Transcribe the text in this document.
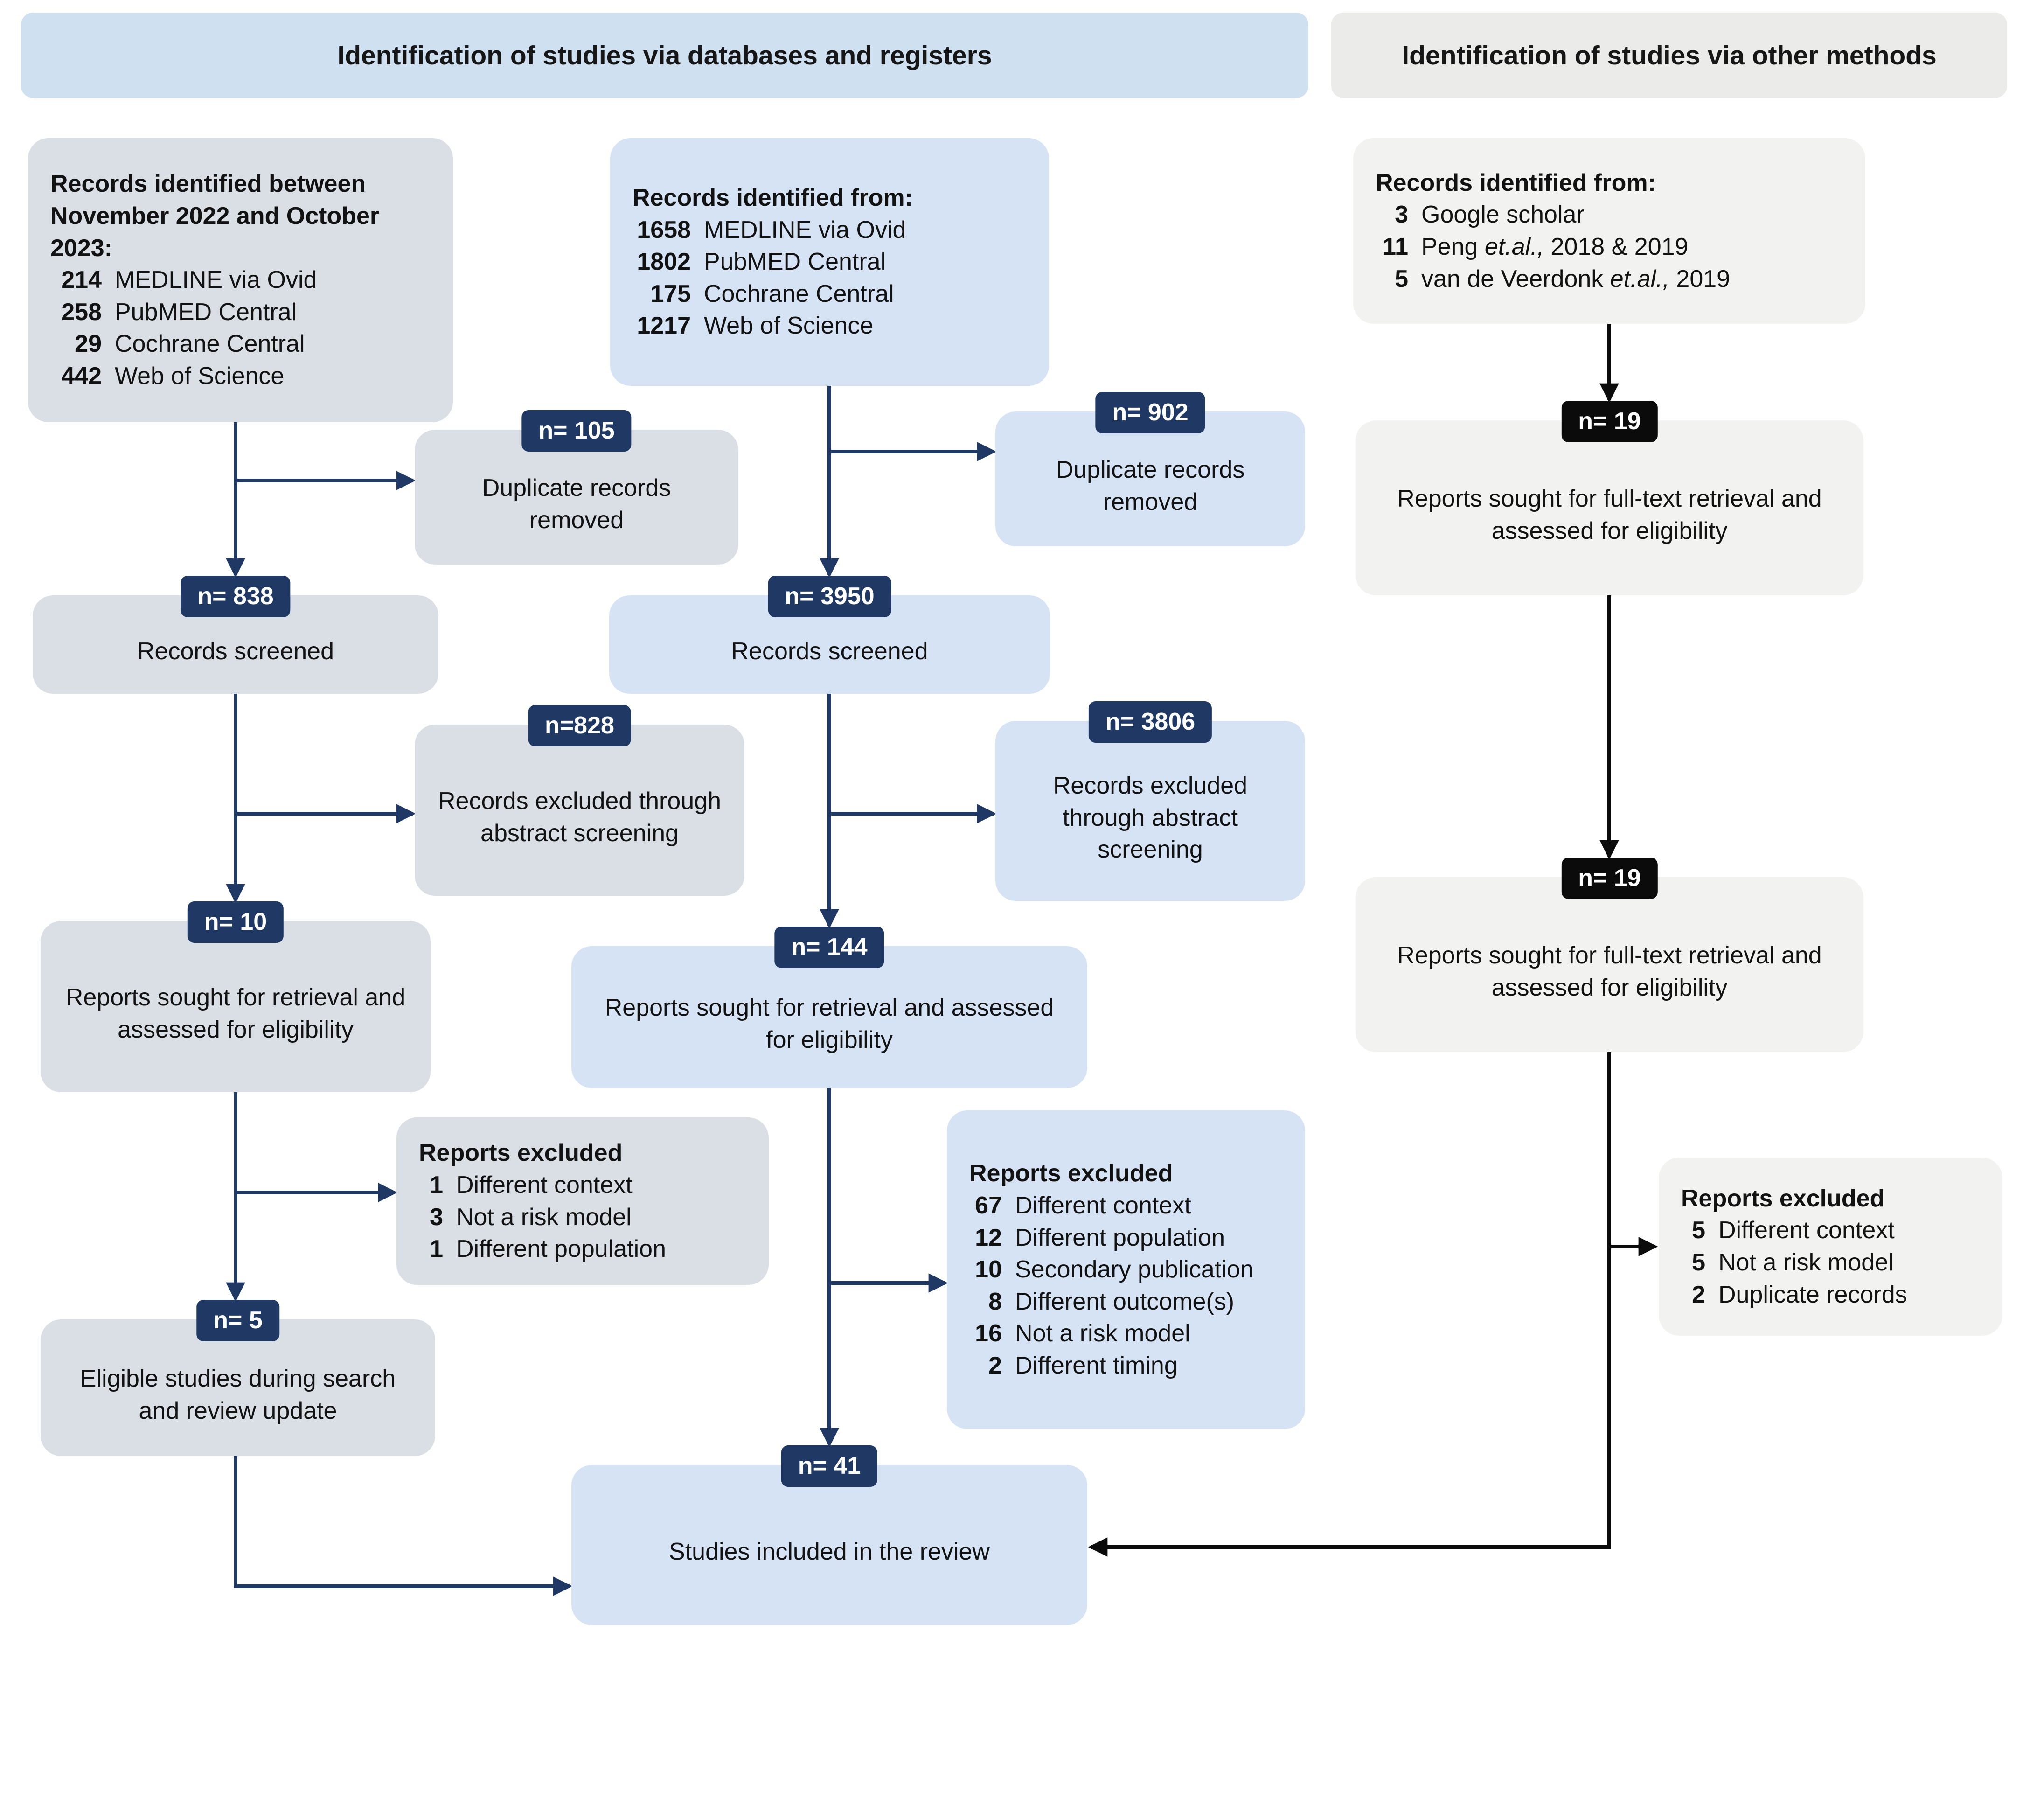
Identification of studies via databases and registers	Identification of studies via other methods
Records identified between November 2022 and October 2023:
214 MEDLINE via Ovid
258 PubMED Central
29 Cochrane Central
442 Web of Science
n= 105
Duplicate records removed
n= 838
Records screened
n=828
Records excluded through abstract screening
n= 10
Reports sought for retrieval and assessed for eligibility
Reports excluded
1 Different context
3 Not a risk model
1 Different population
n= 5
Eligible studies during search and review update
Records identified from:
1658 MEDLINE via Ovid
1802 PubMED Central
175 Cochrane Central
1217 Web of Science
n= 902
Duplicate records removed
n= 3950
Records screened
n= 3806
Records excluded through abstract screening
n= 144
Reports sought for retrieval and assessed for eligibility
Reports excluded
67 Different context
12 Different population
10 Secondary publication
8 Different outcome(s)
16 Not a risk model
2 Different timing
n= 41
Studies included in the review
Records identified from:
3 Google scholar
11 Peng et.al., 2018 & 2019
5 van de Veerdonk et.al., 2019
n= 19
Reports sought for full-text retrieval and assessed for eligibility
n= 19
Reports sought for full-text retrieval and assessed for eligibility
Reports excluded
5 Different context
5 Not a risk model
2 Duplicate records
